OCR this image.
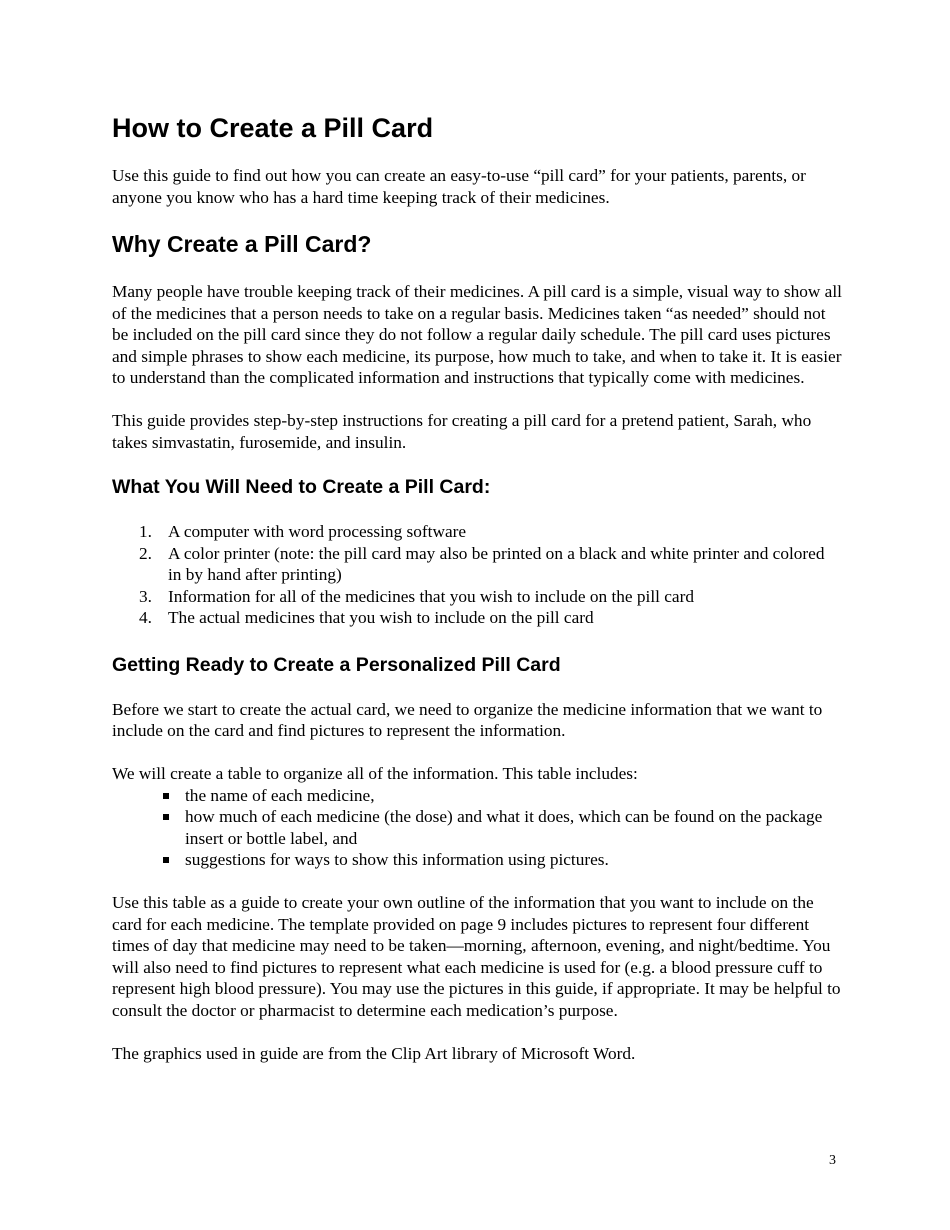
How to Create a Pill Card

Use this guide to find out how you can create an easy-to-use “pill card” for your patients, parents, or anyone you know who has a hard time keeping track of their medicines.

Why Create a Pill Card?

Many people have trouble keeping track of their medicines. A pill card is a simple, visual way to show all of the medicines that a person needs to take on a regular basis. Medicines taken “as needed” should not be included on the pill card since they do not follow a regular daily schedule. The pill card uses pictures and simple phrases to show each medicine, its purpose, how much to take, and when to take it. It is easier to understand than the complicated information and instructions that typically come with medicines.

This guide provides step-by-step instructions for creating a pill card for a pretend patient, Sarah, who takes simvastatin, furosemide, and insulin.

What You Will Need to Create a Pill Card:
1. A computer with word processing software
2. A color printer (note: the pill card may also be printed on a black and white printer and colored in by hand after printing)
3. Information for all of the medicines that you wish to include on the pill card
4. The actual medicines that you wish to include on the pill card
Getting Ready to Create a Personalized Pill Card

Before we start to create the actual card, we need to organize the medicine information that we want to include on the card and find pictures to represent the information.

We will create a table to organize all of the information. This table includes:

the name of each medicine,
how much of each medicine (the dose) and what it does, which can be found on the package insert or bottle label, and
suggestions for ways to show this information using pictures.

Use this table as a guide to create your own outline of the information that you want to include on the card for each medicine. The template provided on page 9 includes pictures to represent four different times of day that medicine may need to be taken—morning, afternoon, evening, and night/bedtime. You will also need to find pictures to represent what each medicine is used for (e.g. a blood pressure cuff to represent high blood pressure). You may use the pictures in this guide, if appropriate. It may be helpful to consult the doctor or pharmacist to determine each medication’s purpose.

The graphics used in guide are from the Clip Art library of Microsoft Word.

3
